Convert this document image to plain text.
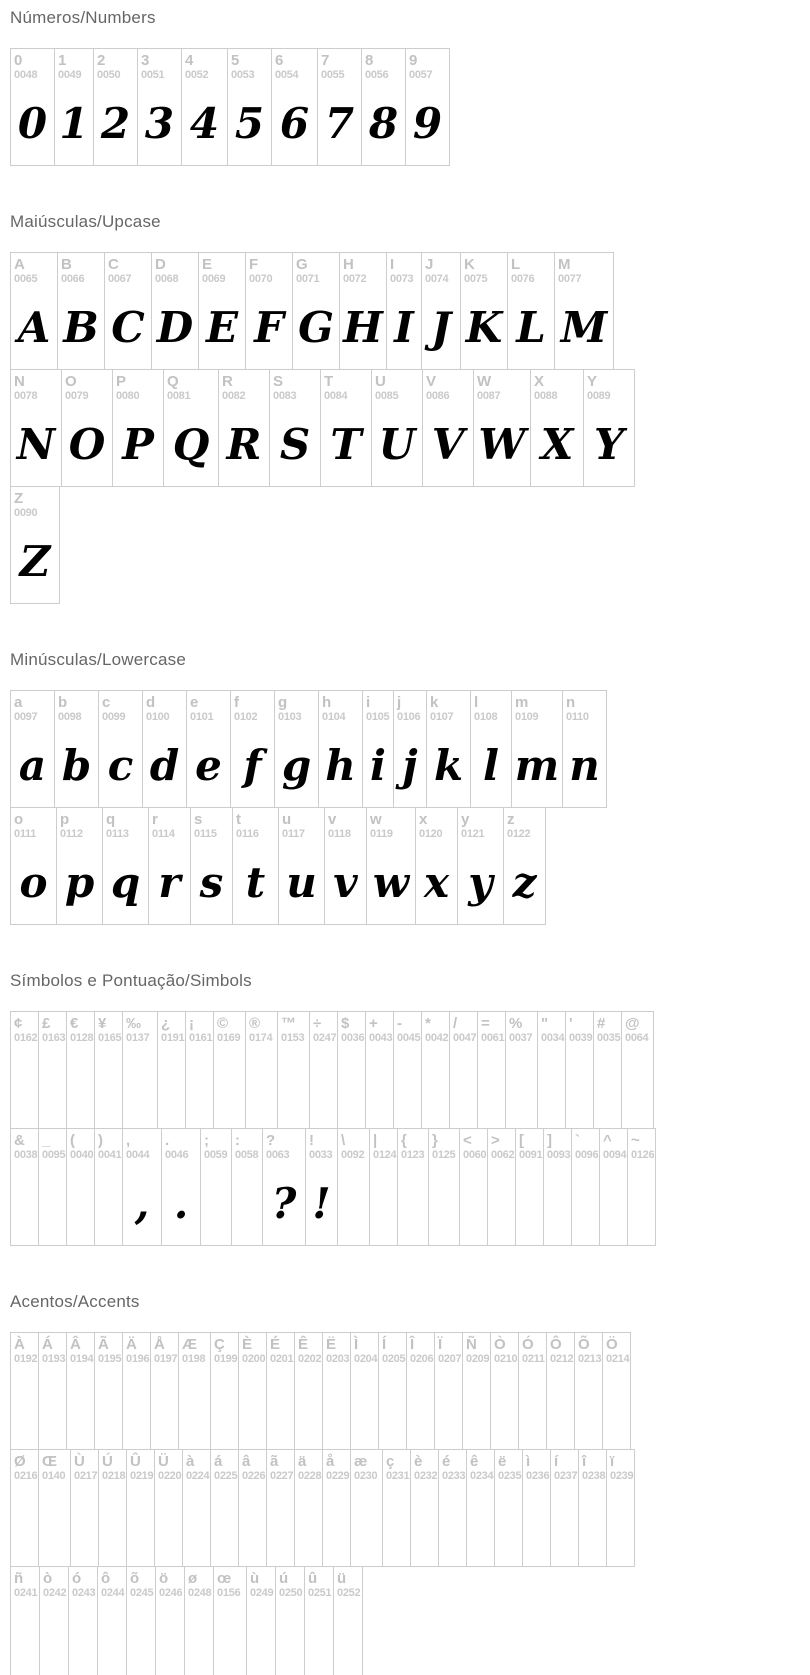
Números/Numbers
0
0048
0
1
0049
1
2
0050
2
3
0051
3
4
0052
4
5
0053
5
6
0054
6
7
0055
7
8
0056
8
9
0057
9
Maiúsculas/Upcase
A
0065
A
B
0066
B
C
0067
C
D
0068
D
E
0069
E
F
0070
F
G
0071
G
H
0072
H
I
0073
I
J
0074
J
K
0075
K
L
0076
L
M
0077
M
N
0078
N
O
0079
O
P
0080
P
Q
0081
Q
R
0082
R
S
0083
S
T
0084
T
U
0085
U
V
0086
V
W
0087
W
X
0088
X
Y
0089
Y
Z
0090
Z
Minúsculas/Lowercase
a
0097
a
b
0098
b
c
0099
c
d
0100
d
e
0101
e
f
0102
f
g
0103
g
h
0104
h
i
0105
i
j
0106
j
k
0107
k
l
0108
l
m
0109
m
n
0110
n
o
0111
o
p
0112
p
q
0113
q
r
0114
r
s
0115
s
t
0116
t
u
0117
u
v
0118
v
w
0119
w
x
0120
x
y
0121
y
z
0122
z
Símbolos e Pontuação/Simbols
¢
0162
£
0163
€
0128
¥
0165
‰
0137
¿
0191
¡
0161
©
0169
®
0174
™
0153
÷
0247
$
0036
+
0043
-
0045
*
0042
/
0047
=
0061
%
0037
"
0034
'
0039
#
0035
@
0064
&
0038
_
0095
(
0040
)
0041
,
0044
,
.
0046
.
;
0059
:
0058
?
0063
?
!
0033
!
\
0092
|
0124
{
0123
}
0125
<
0060
>
0062
[
0091
]
0093
`
0096
^
0094
~
0126
Acentos/Accents
À
0192
Á
0193
Â
0194
Ã
0195
Ä
0196
Å
0197
Æ
0198
Ç
0199
È
0200
É
0201
Ê
0202
Ë
0203
Ì
0204
Í
0205
Î
0206
Ï
0207
Ñ
0209
Ò
0210
Ó
0211
Ô
0212
Õ
0213
Ö
0214
Ø
0216
Œ
0140
Ù
0217
Ú
0218
Û
0219
Ü
0220
à
0224
á
0225
â
0226
ã
0227
ä
0228
å
0229
æ
0230
ç
0231
è
0232
é
0233
ê
0234
ë
0235
ì
0236
í
0237
î
0238
ï
0239
ñ
0241
ò
0242
ó
0243
ô
0244
õ
0245
ö
0246
ø
0248
œ
0156
ù
0249
ú
0250
û
0251
ü
0252
